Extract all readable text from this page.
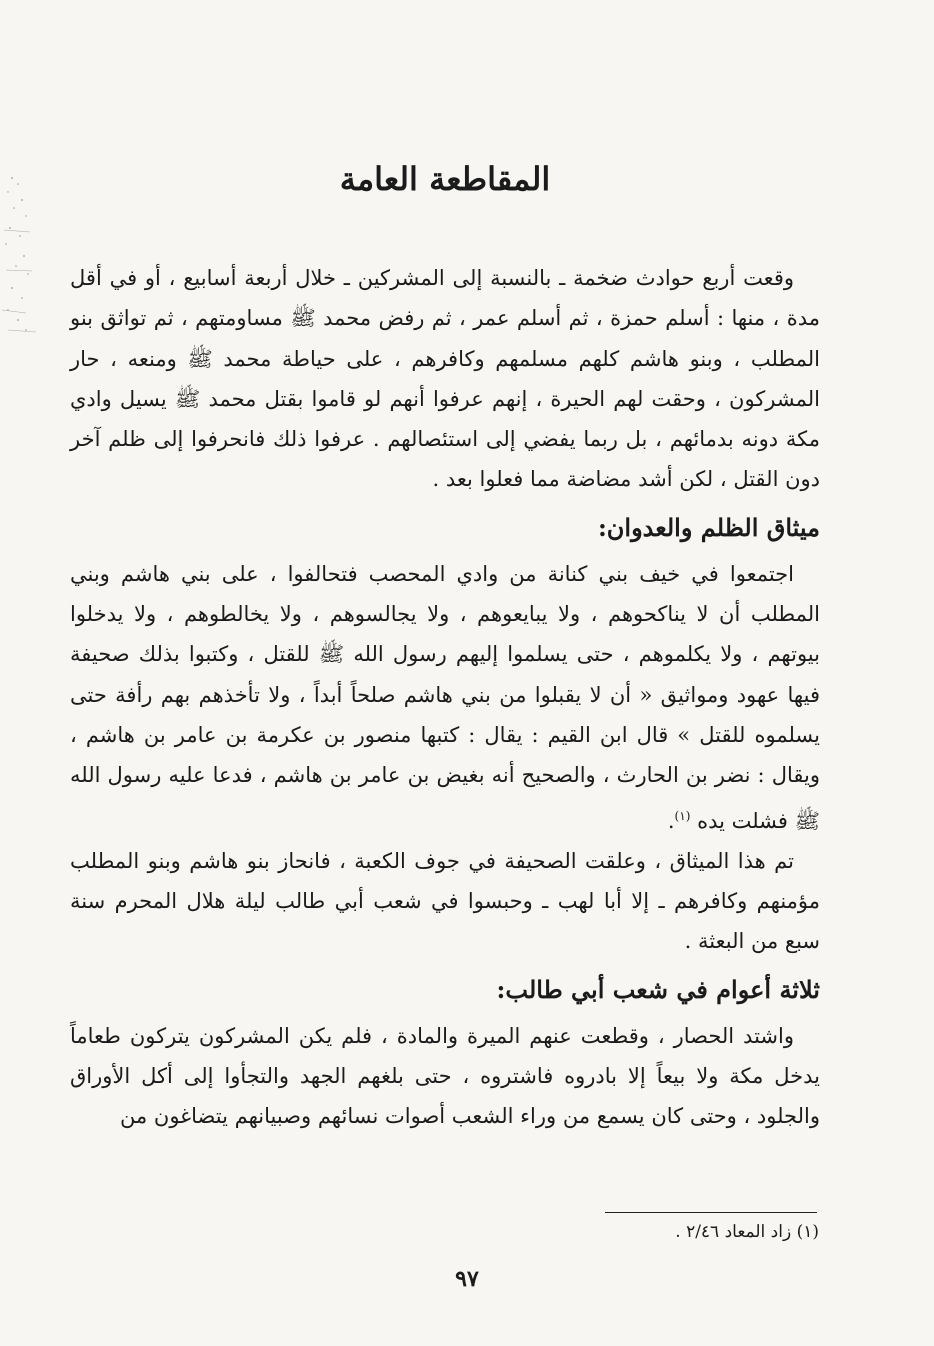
المقاطعة العامة

وقعت أربع حوادث ضخمة ـ بالنسبة إلى المشركين ـ خلال أربعة أسابيع ، أو في أقل مدة ، منها : أسلم حمزة ، ثم أسلم عمر ، ثم رفض محمد ﷺ مساومتهم ، ثم تواثق بنو المطلب ، وبنو هاشم كلهم مسلمهم وكافرهم ، على حياطة محمد ﷺ ومنعه ، حار المشركون ، وحقت لهم الحيرة ، إنهم عرفوا أنهم لو قاموا بقتل محمد ﷺ يسيل وادي مكة دونه بدمائهم ، بل ربما يفضي إلى استئصالهم . عرفوا ذلك فانحرفوا إلى ظلم آخر دون القتل ، لكن أشد مضاضة مما فعلوا بعد .

ميثاق الظلم والعدوان:

اجتمعوا في خيف بني كنانة من وادي المحصب فتحالفوا ، على بني هاشم وبني المطلب أن لا يناكحوهم ، ولا يبايعوهم ، ولا يجالسوهم ، ولا يخالطوهم ، ولا يدخلوا بيوتهم ، ولا يكلموهم ، حتى يسلموا إليهم رسول الله ﷺ للقتل ، وكتبوا بذلك صحيفة فيها عهود ومواثيق « أن لا يقبلوا من بني هاشم صلحاً أبداً ، ولا تأخذهم بهم رأفة حتى يسلموه للقتل » قال ابن القيم : يقال : كتبها منصور بن عكرمة بن عامر بن هاشم ، ويقال : نضر بن الحارث ، والصحيح أنه بغيض بن عامر بن هاشم ، فدعا عليه رسول الله ﷺ فشلت يده $^{(١)}$.

تم هذا الميثاق ، وعلقت الصحيفة في جوف الكعبة ، فانحاز بنو هاشم وبنو المطلب مؤمنهم وكافرهم ـ إلا أبا لهب ـ وحبسوا في شعب أبي طالب ليلة هلال المحرم سنة سبع من البعثة .

ثلاثة أعوام في شعب أبي طالب:

واشتد الحصار ، وقطعت عنهم الميرة والمادة ، فلم يكن المشركون يتركون طعاماً يدخل مكة ولا بيعاً إلا بادروه فاشتروه ، حتى بلغهم الجهد والتجأوا إلى أكل الأوراق والجلود ، وحتى كان يسمع من وراء الشعب أصوات نسائهم وصبيانهم يتضاغون من

(١) زاد المعاد ٢/٤٦ .
٩٧
